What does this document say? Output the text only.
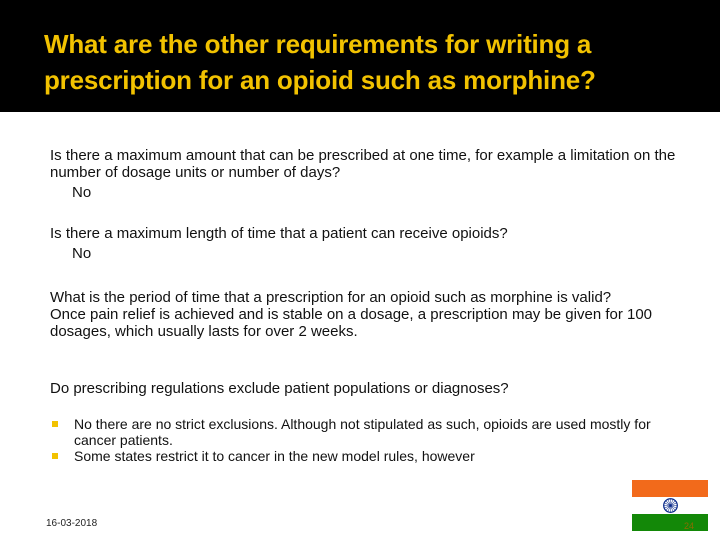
What are the other requirements for writing a prescription for an opioid such as morphine?

Is there a maximum amount that can be prescribed at one time, for example a limitation on the number of dosage units or number of days?

No

Is there a maximum length of time that a patient can receive opioids?

No

What is the period of time that a prescription for an opioid such as morphine is valid?

Once pain relief is achieved and is stable on a dosage, a prescription may be given for 100 dosages, which usually lasts for over 2 weeks.

Do prescribing regulations exclude patient populations or diagnoses?

No there are no strict exclusions. Although not stipulated as such, opioids are used mostly for cancer patients.
Some states restrict it to cancer in the new model rules, however
16-03-2018	24
